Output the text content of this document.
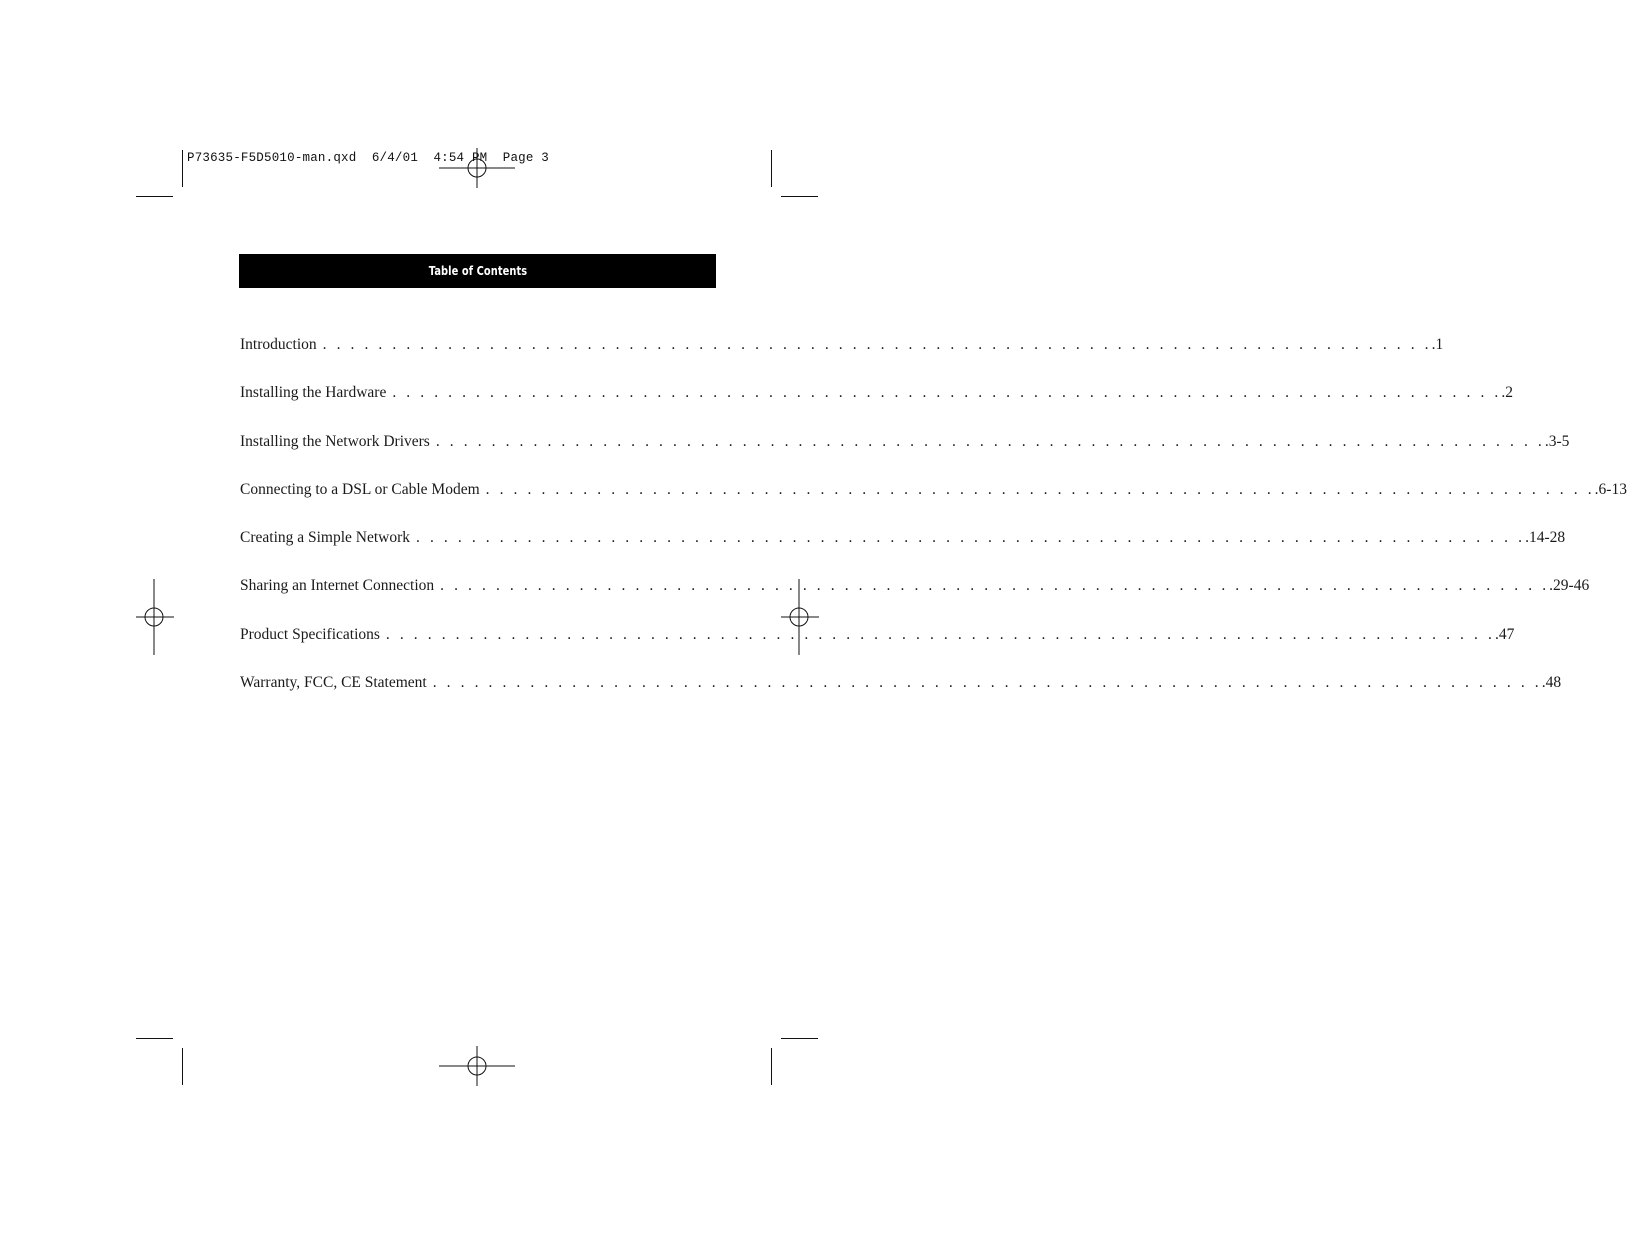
P73635-F5D5010-man.qxd  6/4/01  4:54 PM  Page 3
Table of Contents
Introduction . . . . . . . . . . . . . . . . . . . . . . . . . . . . . . . . . . . . . . . . . . . . . . . . . . . . . . . . . . . . . . . . . . . . . . . . . . . . . . . . .1
Installing the Hardware . . . . . . . . . . . . . . . . . . . . . . . . . . . . . . . . . . . . . . . . . . . . . . . . . . . . . . . . . . . . . . . . . . . . . . . . . . . . . . . . .2
Installing the Network Drivers . . . . . . . . . . . . . . . . . . . . . . . . . . . . . . . . . . . . . . . . . . . . . . . . . . . . . . . . . . . . . . . . . . . . . . . . . . . . . . . . .3-5
Connecting to a DSL or Cable Modem . . . . . . . . . . . . . . . . . . . . . . . . . . . . . . . . . . . . . . . . . . . . . . . . . . . . . . . . . . . . . . . . . . . . . . . . . . . . . . . . .6-13
Creating a Simple Network . . . . . . . . . . . . . . . . . . . . . . . . . . . . . . . . . . . . . . . . . . . . . . . . . . . . . . . . . . . . . . . . . . . . . . . . . . . . . . . . .14-28
Sharing an Internet Connection . . . . . . . . . . . . . . . . . . . . . . . . . . . . . . . . . . . . . . . . . . . . . . . . . . . . . . . . . . . . . . . . . . . . . . . . . . . . . . . . .29-46
Product Specifications . . . . . . . . . . . . . . . . . . . . . . . . . . . . . . . . . . . . . . . . . . . . . . . . . . . . . . . . . . . . . . . . . . . . . . . . . . . . . . . . .47
Warranty, FCC, CE Statement . . . . . . . . . . . . . . . . . . . . . . . . . . . . . . . . . . . . . . . . . . . . . . . . . . . . . . . . . . . . . . . . . . . . . . . . . . . . . . . . .48
